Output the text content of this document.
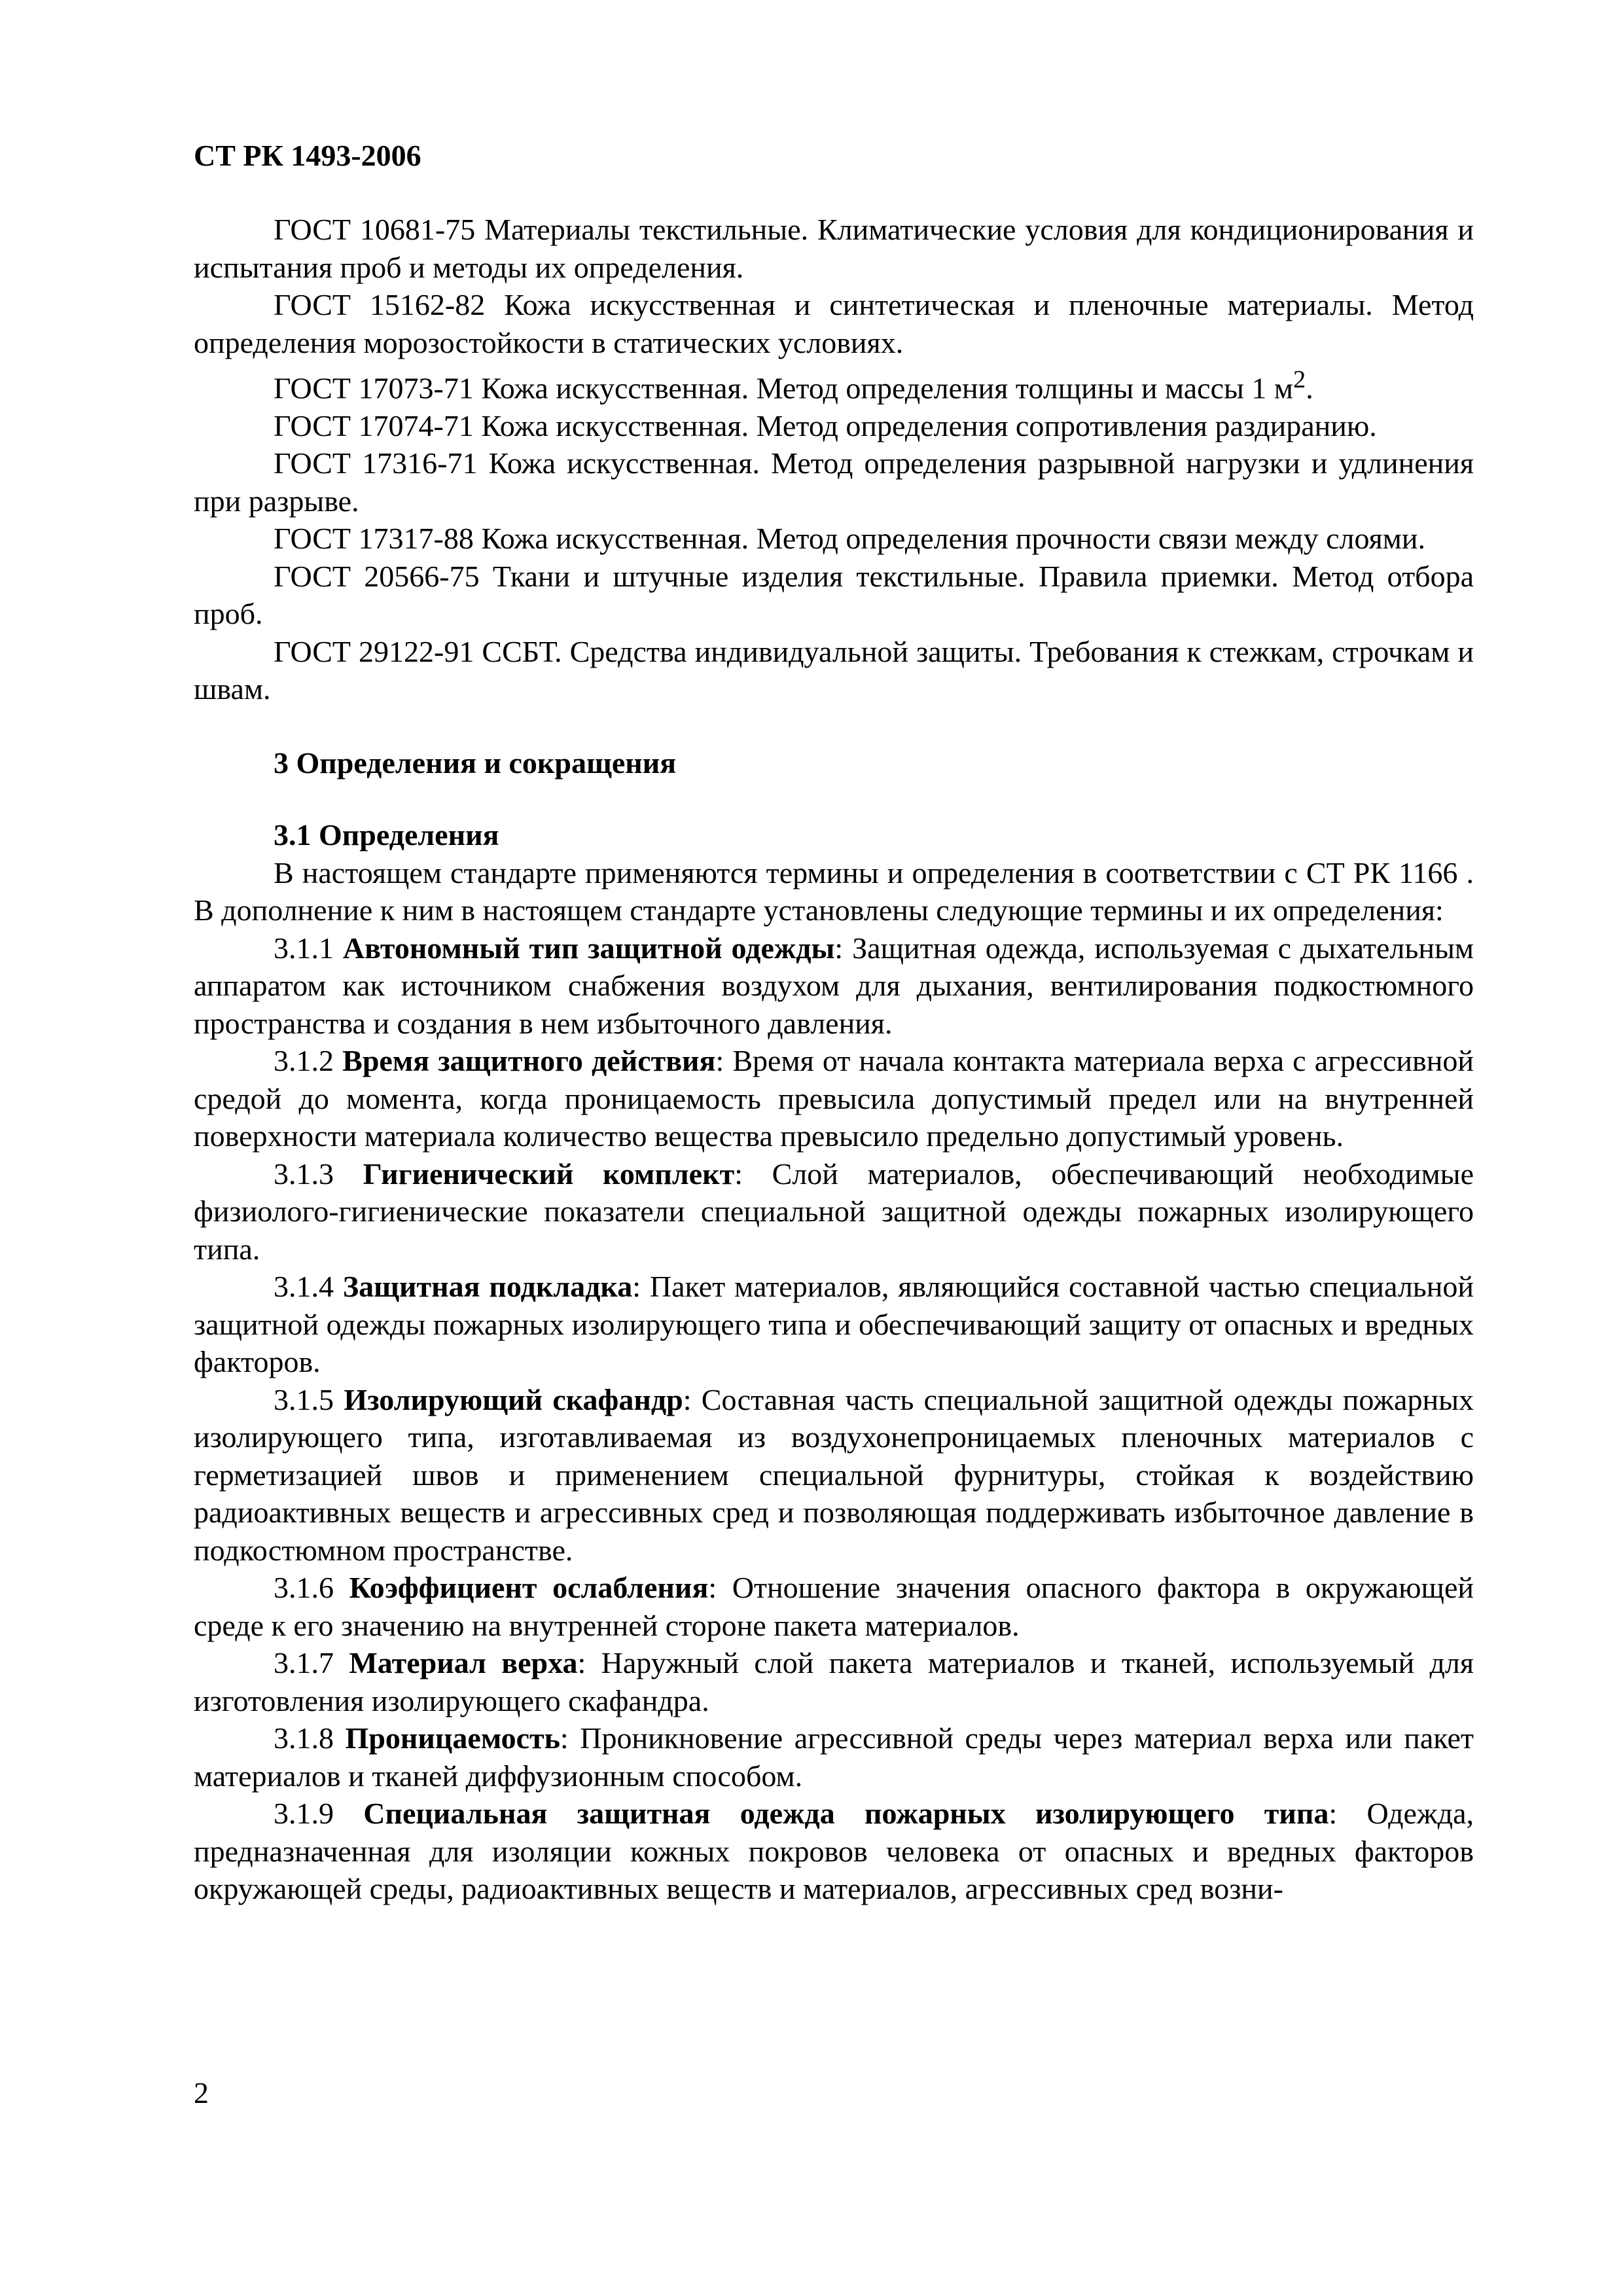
СТ РК 1493-2006

ГОСТ 10681-75 Материалы текстильные. Климатические условия для кондиционирования и испытания проб и методы их определения.

ГОСТ 15162-82 Кожа искусственная и синтетическая и пленочные материалы. Метод определения морозостойкости в статических условиях.

ГОСТ 17073-71 Кожа искусственная. Метод определения толщины и массы 1 $м^2$.

ГОСТ 17074-71 Кожа искусственная. Метод определения сопротивления раздиранию.

ГОСТ 17316-71 Кожа искусственная. Метод определения разрывной нагрузки и удлинения при разрыве.

ГОСТ 17317-88 Кожа искусственная. Метод определения прочности связи между слоями.

ГОСТ 20566-75 Ткани и штучные изделия текстильные. Правила приемки. Метод отбора проб.

ГОСТ 29122-91 ССБТ. Средства индивидуальной защиты. Требования к стежкам, строчкам и швам.

3 Определения и сокращения
3.1 Определения

В настоящем стандарте применяются термины и определения в соответствии с СТ РК 1166 . В дополнение к ним в настоящем стандарте установлены следующие термины и их определения:

3.1.1 Автономный тип защитной одежды: Защитная одежда, используемая с дыхательным аппаратом как источником снабжения воздухом для дыхания, вентилирования подкостюмного пространства и создания в нем избыточного давления.

3.1.2 Время защитного действия: Время от начала контакта материала верха с агрессивной средой до момента, когда проницаемость превысила допустимый предел или на внутренней поверхности материала количество вещества превысило предельно допустимый уровень.

3.1.3 Гигиенический комплект: Слой материалов, обеспечивающий необходимые физиолого-гигиенические показатели специальной защитной одежды пожарных изолирующего типа.

3.1.4 Защитная подкладка: Пакет материалов, являющийся составной частью специальной защитной одежды пожарных изолирующего типа и обеспечивающий защиту от опасных и вредных факторов.

3.1.5 Изолирующий скафандр: Составная часть специальной защитной одежды пожарных изолирующего типа, изготавливаемая из воздухонепроницаемых пленочных материалов с герметизацией швов и применением специальной фурнитуры, стойкая к воздействию радиоактивных веществ и агрессивных сред и позволяющая поддерживать избыточное давление в подкостюмном пространстве.

3.1.6 Коэффициент ослабления: Отношение значения опасного фактора в окружающей среде к его значению на внутренней стороне пакета материалов.

3.1.7 Материал верха: Наружный слой пакета материалов и тканей, используемый для изготовления изолирующего скафандра.

3.1.8 Проницаемость: Проникновение агрессивной среды через материал верха или пакет материалов и тканей диффузионным способом.

3.1.9 Специальная защитная одежда пожарных изолирующего типа: Одежда, предназначенная для изоляции кожных покровов человека от опасных и вредных факторов окружающей среды, радиоактивных веществ и материалов, агрессивных сред возни-

2
